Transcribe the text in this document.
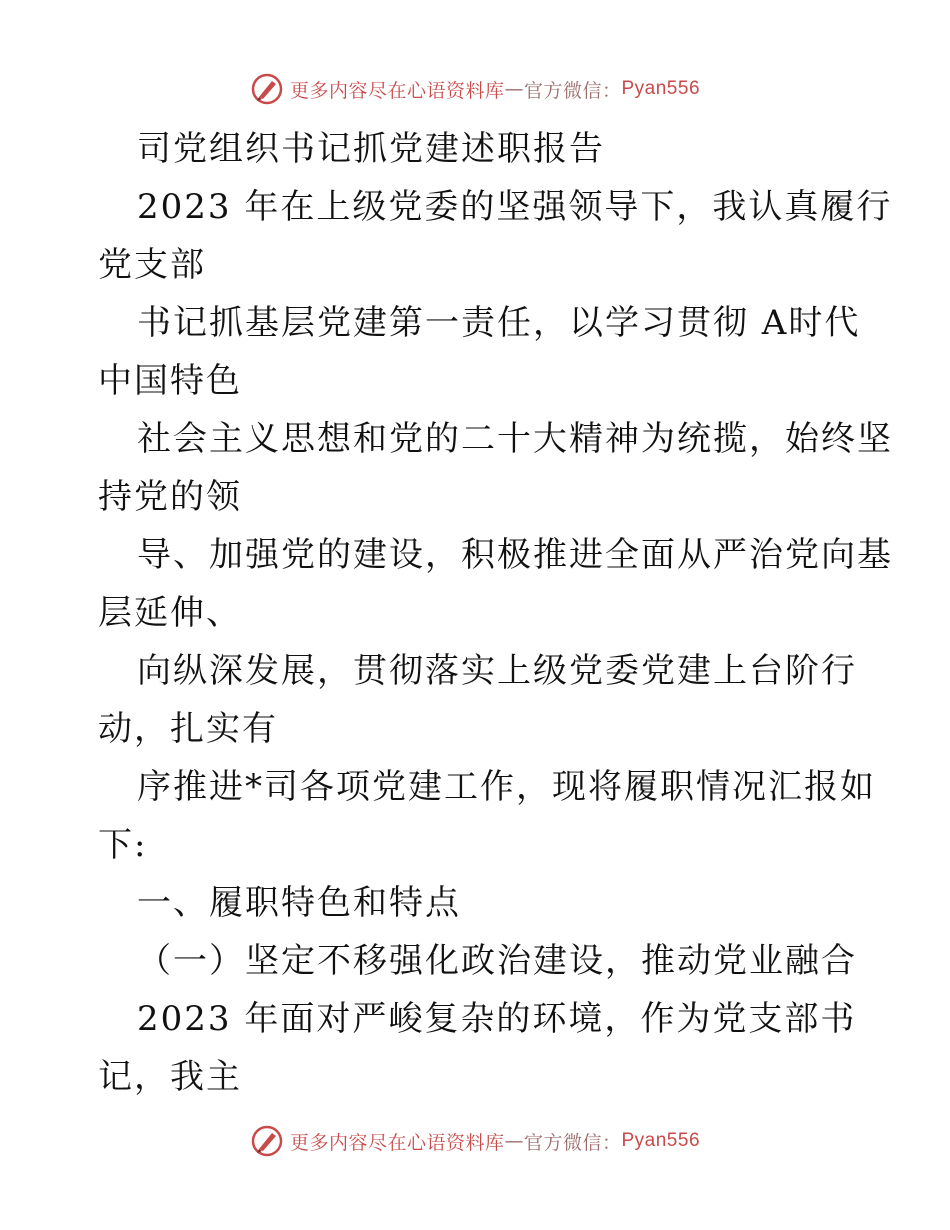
更多内容尽在心语资料库 — 官方微信： Pyan556
司党组织书记抓党建述职报告
2023 年在上级党委的坚强领导下，我认真履行
党支部
书记抓基层党建第一责任，以学习贯彻 A时代
中国特色
社会主义思想和党的二十大精神为统揽，始终坚
持党的领
导、加强党的建设，积极推进全面从严治党向基
层延伸、
向纵深发展，贯彻落实上级党委党建上台阶行
动，扎实有
序推进*司各项党建工作，现将履职情况汇报如
下:
一、履职特色和特点
（一）坚定不移强化政治建设，推动党业融合
2023 年面对严峻复杂的环境，作为党支部书
记，我主
更多内容尽在心语资料库 — 官方微信： Pyan556
